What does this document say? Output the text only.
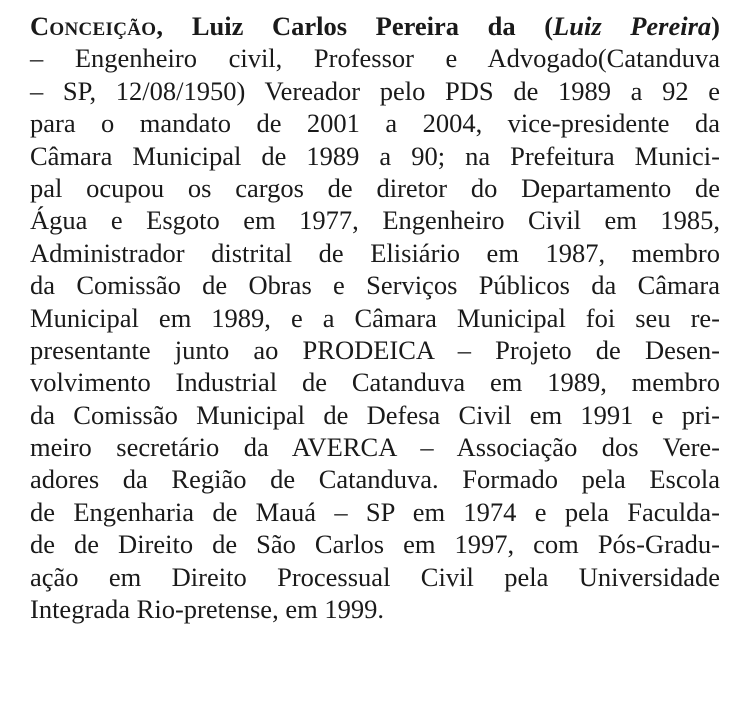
Conceição, Luiz Carlos Pereira da (Luiz Pereira)
– Engenheiro civil, Professor e Advogado(Catanduva
– SP, 12/08/1950) Vereador pelo PDS de 1989 a 92 e
para o mandato de 2001 a 2004, vice-presidente da
Câmara Municipal de 1989 a 90; na Prefeitura Munici-
pal ocupou os cargos de diretor do Departamento de
Água e Esgoto em 1977, Engenheiro Civil em 1985,
Administrador distrital de Elisiário em 1987, membro
da Comissão de Obras e Serviços Públicos da Câmara
Municipal em 1989, e a Câmara Municipal foi seu re-
presentante junto ao PRODEICA – Projeto de Desen-
volvimento Industrial de Catanduva em 1989, membro
da Comissão Municipal de Defesa Civil em 1991 e pri-
meiro secretário da AVERCA – Associação dos Vere-
adores da Região de Catanduva. Formado pela Escola
de Engenharia de Mauá – SP em 1974 e pela Faculda-
de de Direito de São Carlos em 1997, com Pós-Gradu-
ação em Direito Processual Civil pela Universidade
Integrada Rio-pretense, em 1999.
